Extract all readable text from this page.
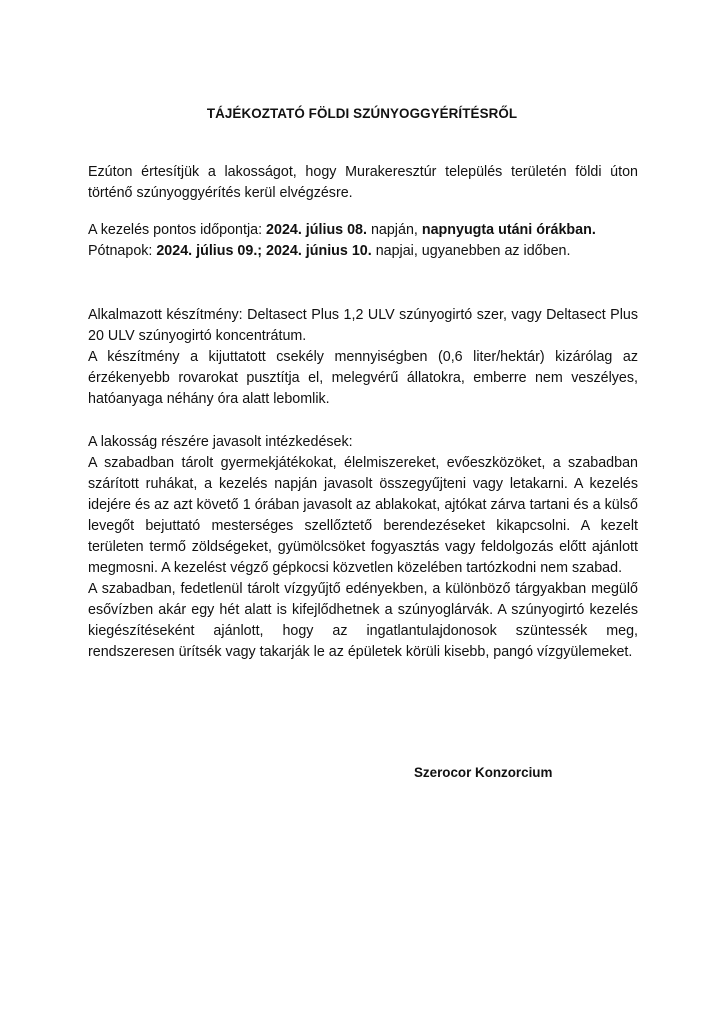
TÁJÉKOZTATÓ FÖLDI SZÚNYOGGYÉRÍTÉSRŐL
Ezúton értesítjük a lakosságot, hogy Murakeresztúr település területén földi úton történő szúnyoggyérítés kerül elvégzésre.
A kezelés pontos időpontja: 2024. július 08. napján, napnyugta utáni órákban.
Pótnapok: 2024. július 09.; 2024. június 10. napjai, ugyanebben az időben.
Alkalmazott készítmény: Deltasect Plus 1,2 ULV szúnyogirtó szer, vagy Deltasect Plus 20 ULV szúnyogirtó koncentrátum.
A készítmény a kijuttatott csekély mennyiségben (0,6 liter/hektár) kizárólag az érzékenyebb rovarokat pusztítja el, melegvérű állatokra, emberre nem veszélyes, hatóanyaga néhány óra alatt lebomlik.
A lakosság részére javasolt intézkedések:
A szabadban tárolt gyermekjátékokat, élelmiszereket, evőeszközöket, a szabadban szárított ruhákat, a kezelés napján javasolt összegyűjteni vagy letakarni. A kezelés idejére és az azt követő 1 órában javasolt az ablakokat, ajtókat zárva tartani és a külső levegőt bejuttató mesterséges szellőztető berendezéseket kikapcsolni. A kezelt területen termő zöldségeket, gyümölcsöket fogyasztás vagy feldolgozás előtt ajánlott megmosni. A kezelést végző gépkocsi közvetlen közelében tartózkodni nem szabad.
A szabadban, fedetlenül tárolt vízgyűjtő edényekben, a különböző tárgyakban megülő esővízben akár egy hét alatt is kifejlődhetnek a szúnyoglárvák. A szúnyogirtó kezelés kiegészítéseként ajánlott, hogy az ingatlantulajdonosok szüntessék meg, rendszeresen ürítsék vagy takarják le az épületek körüli kisebb, pangó vízgyülemeket.
Szerocor Konzorcium
